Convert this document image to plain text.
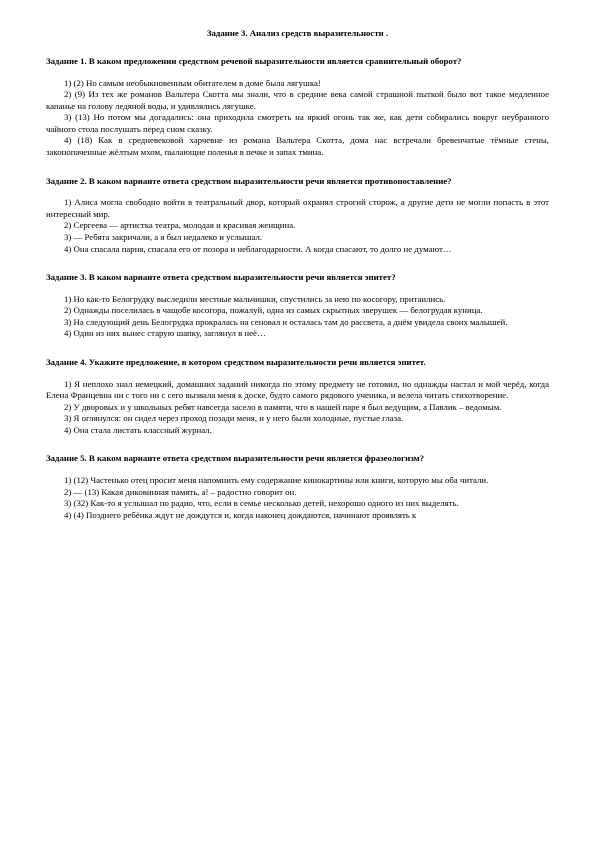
Задание 3. Анализ средств выразительности .

Задание 1. В каком предложении средством речевой выразительности является сравнительный оборот?

1) (2) Но самым необыкновенным обитателем в доме была лягушка!

2) (9) Из тех же романов Вальтера Скотта мы знали, что в средние века самой страшной пыткой было вот такое медленное капанье на голову ледяной воды, и удивлялись лягушке.

3) (13) Но потом мы догадались: она приходила смотреть на яркий огонь так же, как дети собирались вокруг неубранного чайного стола послушать перед сном сказку.

4) (18) Как в средневековой харчевне из романа Вальтера Скотта, дома нас встречали бревенчатые тёмные стены, законопаченные жёлтым мхом, пылающие поленья в печке и запах тмина.

Задание 2. В каком варианте ответа средством выразительности речи является противопоставление?

1) Алиса могла свободно войти в театральный двор, который охранял строгий сторож, а другие дети не могли попасть в этот интересный мир.

2) Сергеева — артистка театра, молодая и красивая женщина.

3) — Ребята закричали, а я был недалеко и услышал.

4) Она спасала парня, спасала его от позора и неблагодарности. А когда спасают, то долго не думают…

Задание 3. В каком варианте ответа средством выразительности речи является эпитет?

1) Но как-то Белогрудку выследили местные мальчишки, спустились за нею по косогору, притаились.

2) Однажды поселилась в чащобе косогора, пожалуй, одна из самых скрытных зверушек — белогрудая куница.

3) На следующий день Белогрудка прокралась на сеновал и осталась там до рассвета, а днём увидела своих малышей.

4) Один из них вынес старую шапку, заглянул в неё…

Задание 4. Укажите предложение, в котором средством выразительности речи является эпитет.

1) Я неплохо знал немецкий, домашних заданий никогда по этому предмету не готовил, но однажды настал и мой черёд, когда Елена Францевна ни с того ни с сего вызвала меня к доске, будто самого рядового ученика, и велела читать стихотворение.

2) У дворовых и у школьных ребят навсегда засело в памяти, что в нашей паре я был ведущим, а Павлик – ведомым.

3) Я оглянулся: он сидел через проход позади меня, и у него были холодные, пустые глаза.

4) Она стала листать классный журнал.

Задание 5. В каком варианте ответа средством выразительности речи является фразеологизм?

1) (12) Частенько отец просит меня напомнить ему содержание кинокартины или книги, которую мы оба читали.

2) — (13) Какая диковинная память, а! – радостно говорит он.

3) (32) Как-то я услышал по радио, что, если в семье несколько детей, нехорошо одного из них выделять.

4) (4) Позднего ребёнка ждут не дождутся и, когда наконец дождаются, начинают проявлять к
